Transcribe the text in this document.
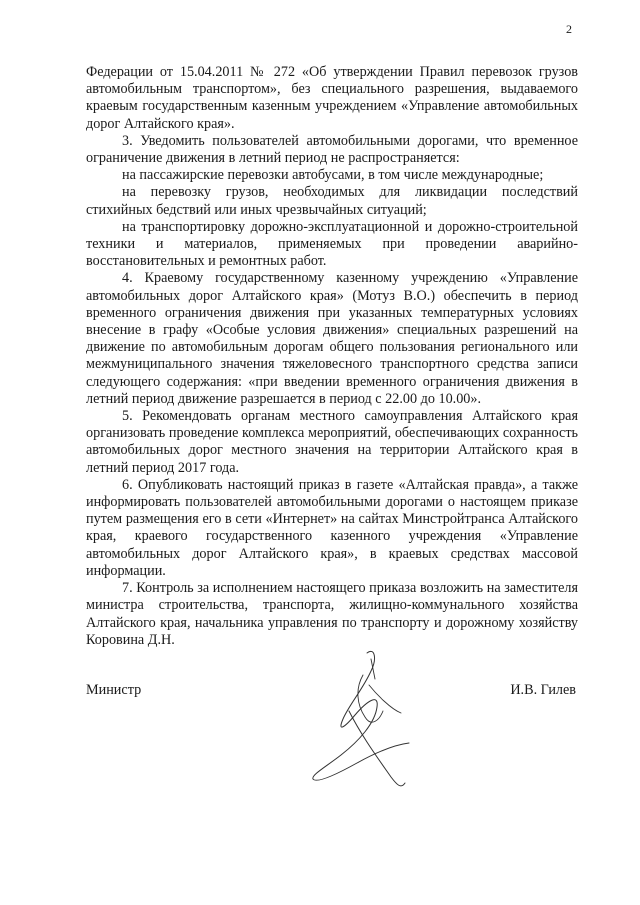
2

Федерации от 15.04.2011 № 272 «Об утверждении Правил перевозок грузов автомобильным транспортом», без специального разрешения, выдаваемого краевым государственным казенным учреждением «Управление автомобильных дорог Алтайского края».

3. Уведомить пользователей автомобильными дорогами, что временное ограничение движения в летний период не распространяется:

на пассажирские перевозки автобусами, в том числе международные;

на перевозку грузов, необходимых для ликвидации последствий стихийных бедствий или иных чрезвычайных ситуаций;

на транспортировку дорожно-эксплуатационной и дорожно-строительной техники и материалов, применяемых при проведении аварийно-восстановительных и ремонтных работ.

4. Краевому государственному казенному учреждению «Управление автомобильных дорог Алтайского края» (Мотуз В.О.) обеспечить в период временного ограничения движения при указанных температурных условиях внесение в графу «Особые условия движения» специальных разрешений на движение по автомобильным дорогам общего пользования регионального или межмуниципального значения тяжеловесного транспортного средства записи следующего содержания: «при введении временного ограничения движения в летний период движение разрешается в период с 22.00 до 10.00».

5. Рекомендовать органам местного самоуправления Алтайского края организовать проведение комплекса мероприятий, обеспечивающих сохранность автомобильных дорог местного значения на территории Алтайского края в летний период 2017 года.

6. Опубликовать настоящий приказ в газете «Алтайская правда», а также информировать пользователей автомобильными дорогами о настоящем приказе путем размещения его в сети «Интернет» на сайтах Минстройтранса Алтайского края, краевого государственного казенного учреждения «Управление автомобильных дорог Алтайского края», в краевых средствах массовой информации.

7. Контроль за исполнением настоящего приказа возложить на заместителя министра строительства, транспорта, жилищно-коммунального хозяйства Алтайского края, начальника управления по транспорту и дорожному хозяйству Коровина Д.Н.

Министр	И.В. Гилев
